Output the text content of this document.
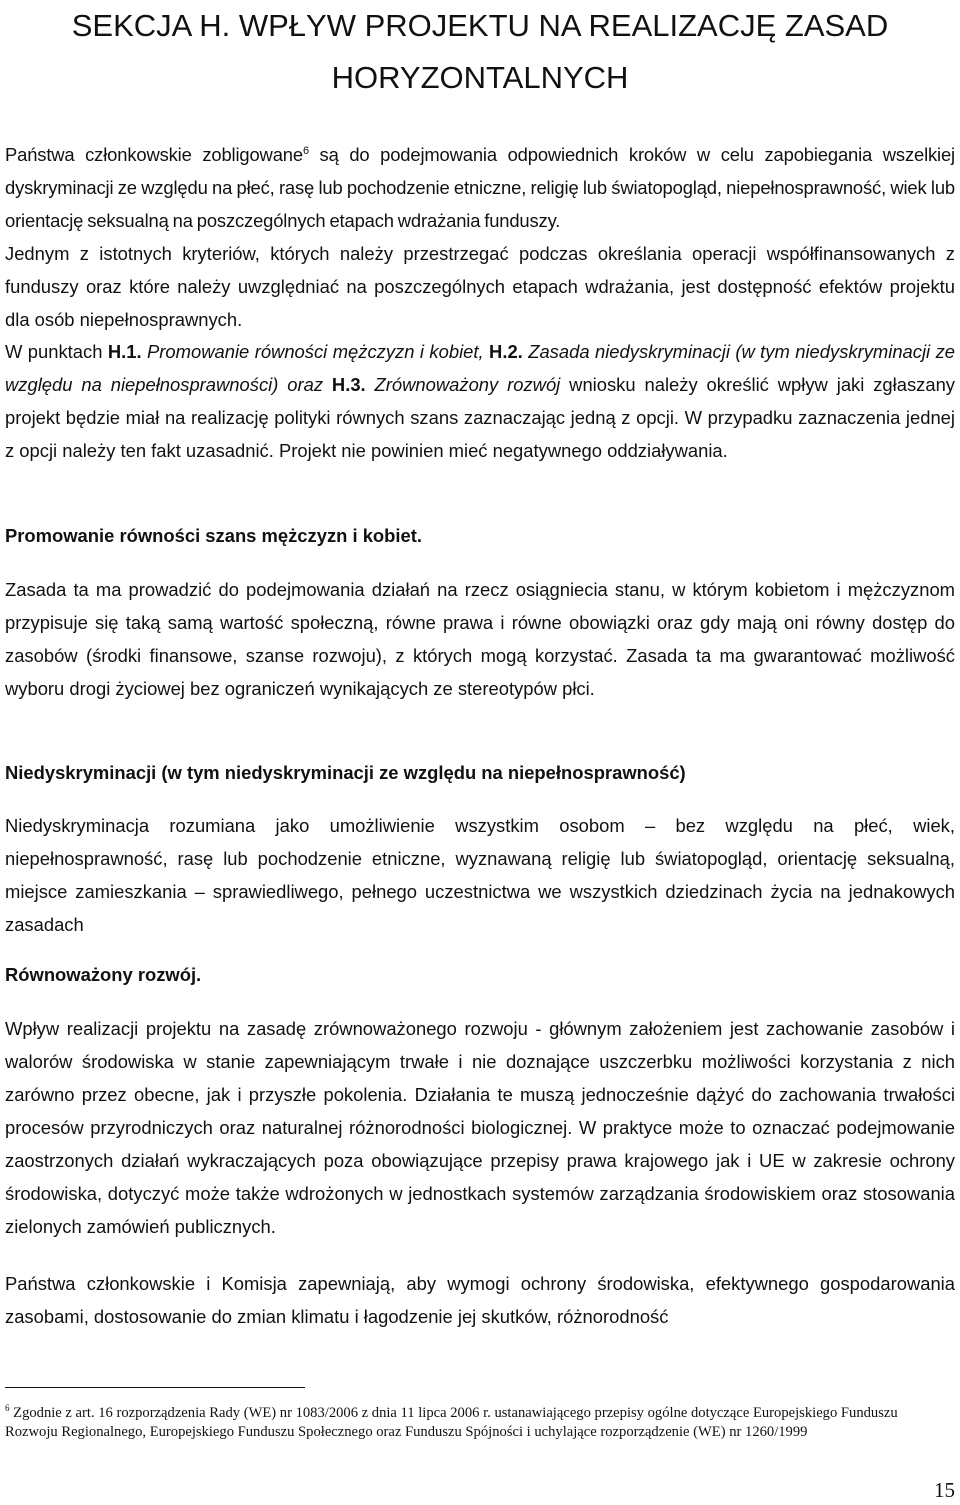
SEKCJA H. WPŁYW PROJEKTU NA REALIZACJĘ ZASAD
HORYZONTALNYCH

Państwa członkowskie zobligowane$^6$ są do podejmowania odpowiednich kroków w celu zapobiegania wszelkiej dyskryminacji ze względu na płeć, rasę lub pochodzenie etniczne, religię lub światopogląd, niepełnosprawność, wiek lub orientację seksualną na poszczególnych etapach wdrażania funduszy.

Jednym z istotnych kryteriów, których należy przestrzegać podczas określania operacji współfinansowanych z funduszy oraz które należy uwzględniać na poszczególnych etapach wdrażania, jest dostępność efektów projektu dla osób niepełnosprawnych.

W punktach H.1. Promowanie równości mężczyzn i kobiet, H.2. Zasada niedyskryminacji (w tym niedyskryminacji ze względu na niepełnosprawności) oraz H.3. Zrównoważony rozwój wniosku należy określić wpływ jaki zgłaszany projekt będzie miał na realizację polityki równych szans zaznaczając jedną z opcji. W przypadku zaznaczenia jednej z opcji należy ten fakt uzasadnić. Projekt nie powinien mieć negatywnego oddziaływania.

Promowanie równości szans mężczyzn i kobiet.

Zasada ta ma prowadzić do podejmowania działań na rzecz osiągniecia stanu, w którym kobietom i mężczyznom przypisuje się taką samą wartość społeczną, równe prawa i równe obowiązki oraz gdy mają oni równy dostęp do zasobów (środki finansowe, szanse rozwoju), z których mogą korzystać. Zasada ta ma gwarantować możliwość wyboru drogi życiowej bez ograniczeń wynikających ze stereotypów płci.

Niedyskryminacji (w tym niedyskryminacji ze względu na niepełnosprawność)

Niedyskryminacja rozumiana jako umożliwienie wszystkim osobom – bez względu na płeć, wiek, niepełnosprawność, rasę lub pochodzenie etniczne, wyznawaną religię lub światopogląd, orientację seksualną, miejsce zamieszkania – sprawiedliwego, pełnego uczestnictwa we wszystkich dziedzinach życia na jednakowych zasadach

Równoważony rozwój.

Wpływ realizacji projektu na zasadę zrównoważonego rozwoju - głównym założeniem jest zachowanie zasobów i walorów środowiska w stanie zapewniającym trwałe i nie doznające uszczerbku możliwości korzystania z nich zarówno przez obecne, jak i przyszłe pokolenia. Działania te muszą jednocześnie dążyć do zachowania trwałości procesów przyrodniczych oraz naturalnej różnorodności biologicznej. W praktyce może to oznaczać podejmowanie zaostrzonych działań wykraczających poza obowiązujące przepisy prawa krajowego jak i UE w zakresie ochrony środowiska, dotyczyć może także wdrożonych w jednostkach systemów zarządzania środowiskiem oraz stosowania zielonych zamówień publicznych.

Państwa członkowskie i Komisja zapewniają, aby wymogi ochrony środowiska, efektywnego gospodarowania zasobami, dostosowanie do zmian klimatu i łagodzenie jej skutków, różnorodność

$^6$ Zgodnie z art. 16 rozporządzenia Rady (WE) nr 1083/2006 z dnia 11 lipca 2006 r. ustanawiającego przepisy ogólne dotyczące Europejskiego Funduszu Rozwoju Regionalnego, Europejskiego Funduszu Społecznego oraz Funduszu Spójności i uchylające rozporządzenie (WE) nr 1260/1999

15
